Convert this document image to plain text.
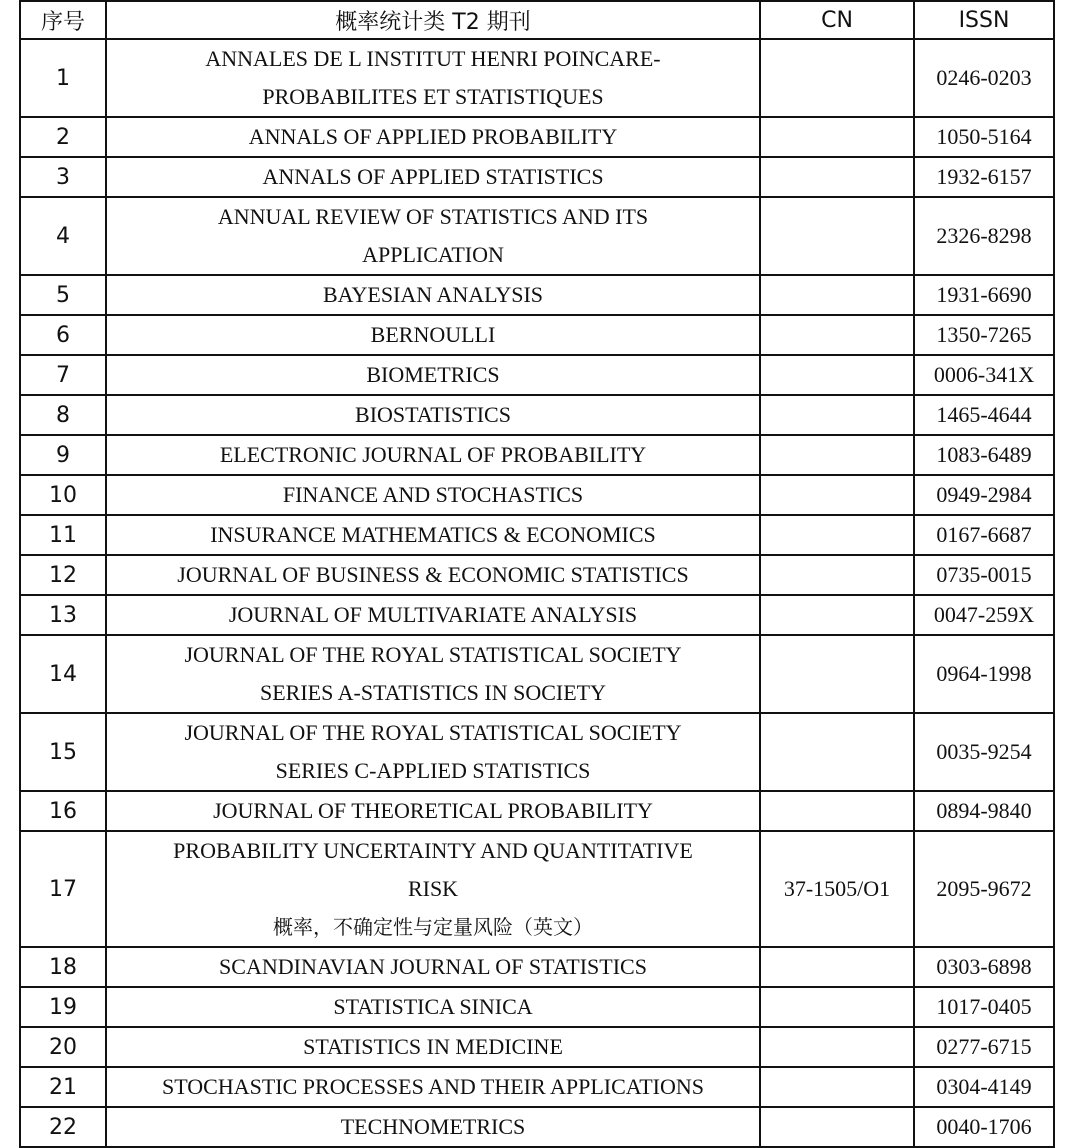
序号	概率统计类 T2 期刊	CN	ISSN
1	ANNALES DE L INSTITUT HENRI POINCARE-
PROBABILITES ET STATISTIQUES		0246-0203
2	ANNALS OF APPLIED PROBABILITY		1050-5164
3	ANNALS OF APPLIED STATISTICS		1932-6157
4	ANNUAL REVIEW OF STATISTICS AND ITS
APPLICATION		2326-8298
5	BAYESIAN ANALYSIS		1931-6690
6	BERNOULLI		1350-7265
7	BIOMETRICS		0006-341X
8	BIOSTATISTICS		1465-4644
9	ELECTRONIC JOURNAL OF PROBABILITY		1083-6489
10	FINANCE AND STOCHASTICS		0949-2984
11	INSURANCE MATHEMATICS & ECONOMICS		0167-6687
12	JOURNAL OF BUSINESS & ECONOMIC STATISTICS		0735-0015
13	JOURNAL OF MULTIVARIATE ANALYSIS		0047-259X
14	JOURNAL OF THE ROYAL STATISTICAL SOCIETY
SERIES A-STATISTICS IN SOCIETY		0964-1998
15	JOURNAL OF THE ROYAL STATISTICAL SOCIETY
SERIES C-APPLIED STATISTICS		0035-9254
16	JOURNAL OF THEORETICAL PROBABILITY		0894-9840
17	PROBABILITY UNCERTAINTY AND QUANTITATIVE
RISK
概率，不确定性与定量风险（英文）	37-1505/O1	2095-9672
18	SCANDINAVIAN JOURNAL OF STATISTICS		0303-6898
19	STATISTICA SINICA		1017-0405
20	STATISTICS IN MEDICINE		0277-6715
21	STOCHASTIC PROCESSES AND THEIR APPLICATIONS		0304-4149
22	TECHNOMETRICS		0040-1706
